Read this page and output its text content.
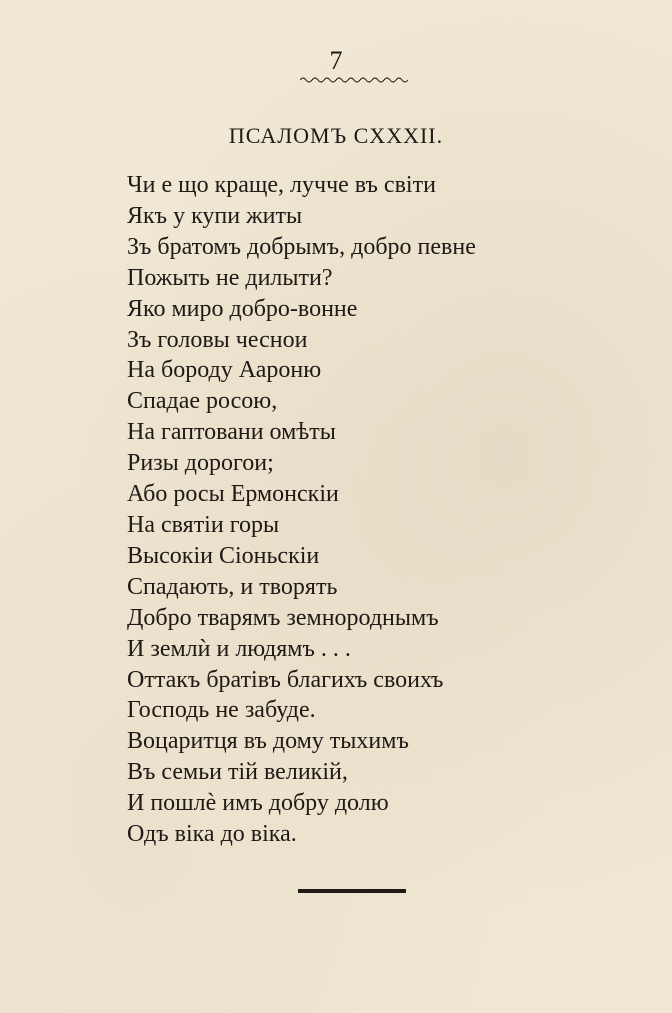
7
ПСАЛОМЪ CXXXII.
Чи е що краще, лучче въ свiти
Якъ у купи житы
Зъ братомъ добрымъ, добро певне
Пожыть не дилыти?
Яко миро добро-вонне
Зъ головы чеснои
На бороду Аароню
Спадае росою,
На гаптовани омѣты
Ризы дорогои;
Або росы Ермонскiи
На святiи горы
Высокiи Сiоньскiи
Спадають, и творять
Добро тварямъ земнороднымъ
И землѝ и людямъ . . .
Оттакъ братiвъ благихъ своихъ
Господь не забуде.
Воцаритця въ дому тыхимъ
Въ семьи тiй великiй,
И пошлѐ имъ добру долю
Одъ вiка до вiка.
